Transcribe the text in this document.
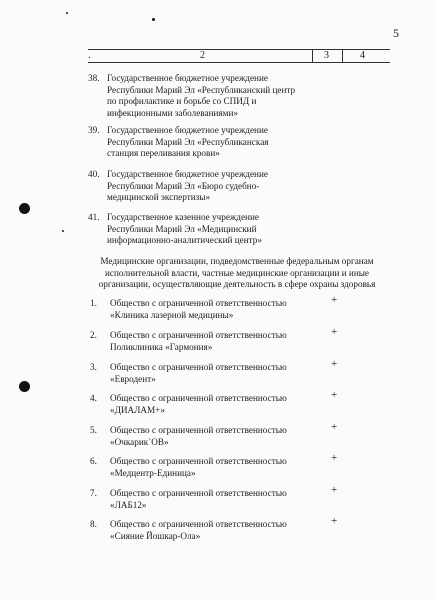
5
.	2	3	4
38. Государственное бюджетное учреждение
Республики Марий Эл «Республиканский центр
по профилактике и борьбе со СПИД и
инфекционными заболеваниями»
39. Государственное бюджетное учреждение
Республики Марий Эл «Республиканская
станция переливания крови»
40. Государственное бюджетное учреждение
Республики Марий Эл «Бюро судебно-
медицинской экспертизы»
41. Государственное казенное учреждение
Республики Марий Эл «Медицинский
информационно-аналитический центр»
Медицинские организации, подведомственные федеральным органам
исполнительной власти, частные медицинские организации и иные
организации, осуществляющие деятельность в сфере охраны здоровья
1. Общество с ограниченной ответственностью
«Клиника лазерной медицины»
+
2. Общество с ограниченной ответственностью
Поликлиника «Гармония»
+
3. Общество с ограниченной ответственностью
«Евродент»
+
4. Общество с ограниченной ответственностью
«ДИАЛАМ+»
+
5. Общество с ограниченной ответственностью
«Очкарик`OB»
+
6. Общество с ограниченной ответственностью
«Медцентр-Единица»
+
7. Общество с ограниченной ответственностью
«ЛАБ12»
+
8. Общество с ограниченной ответственностью
«Сияние Йошкар-Ола»
+
